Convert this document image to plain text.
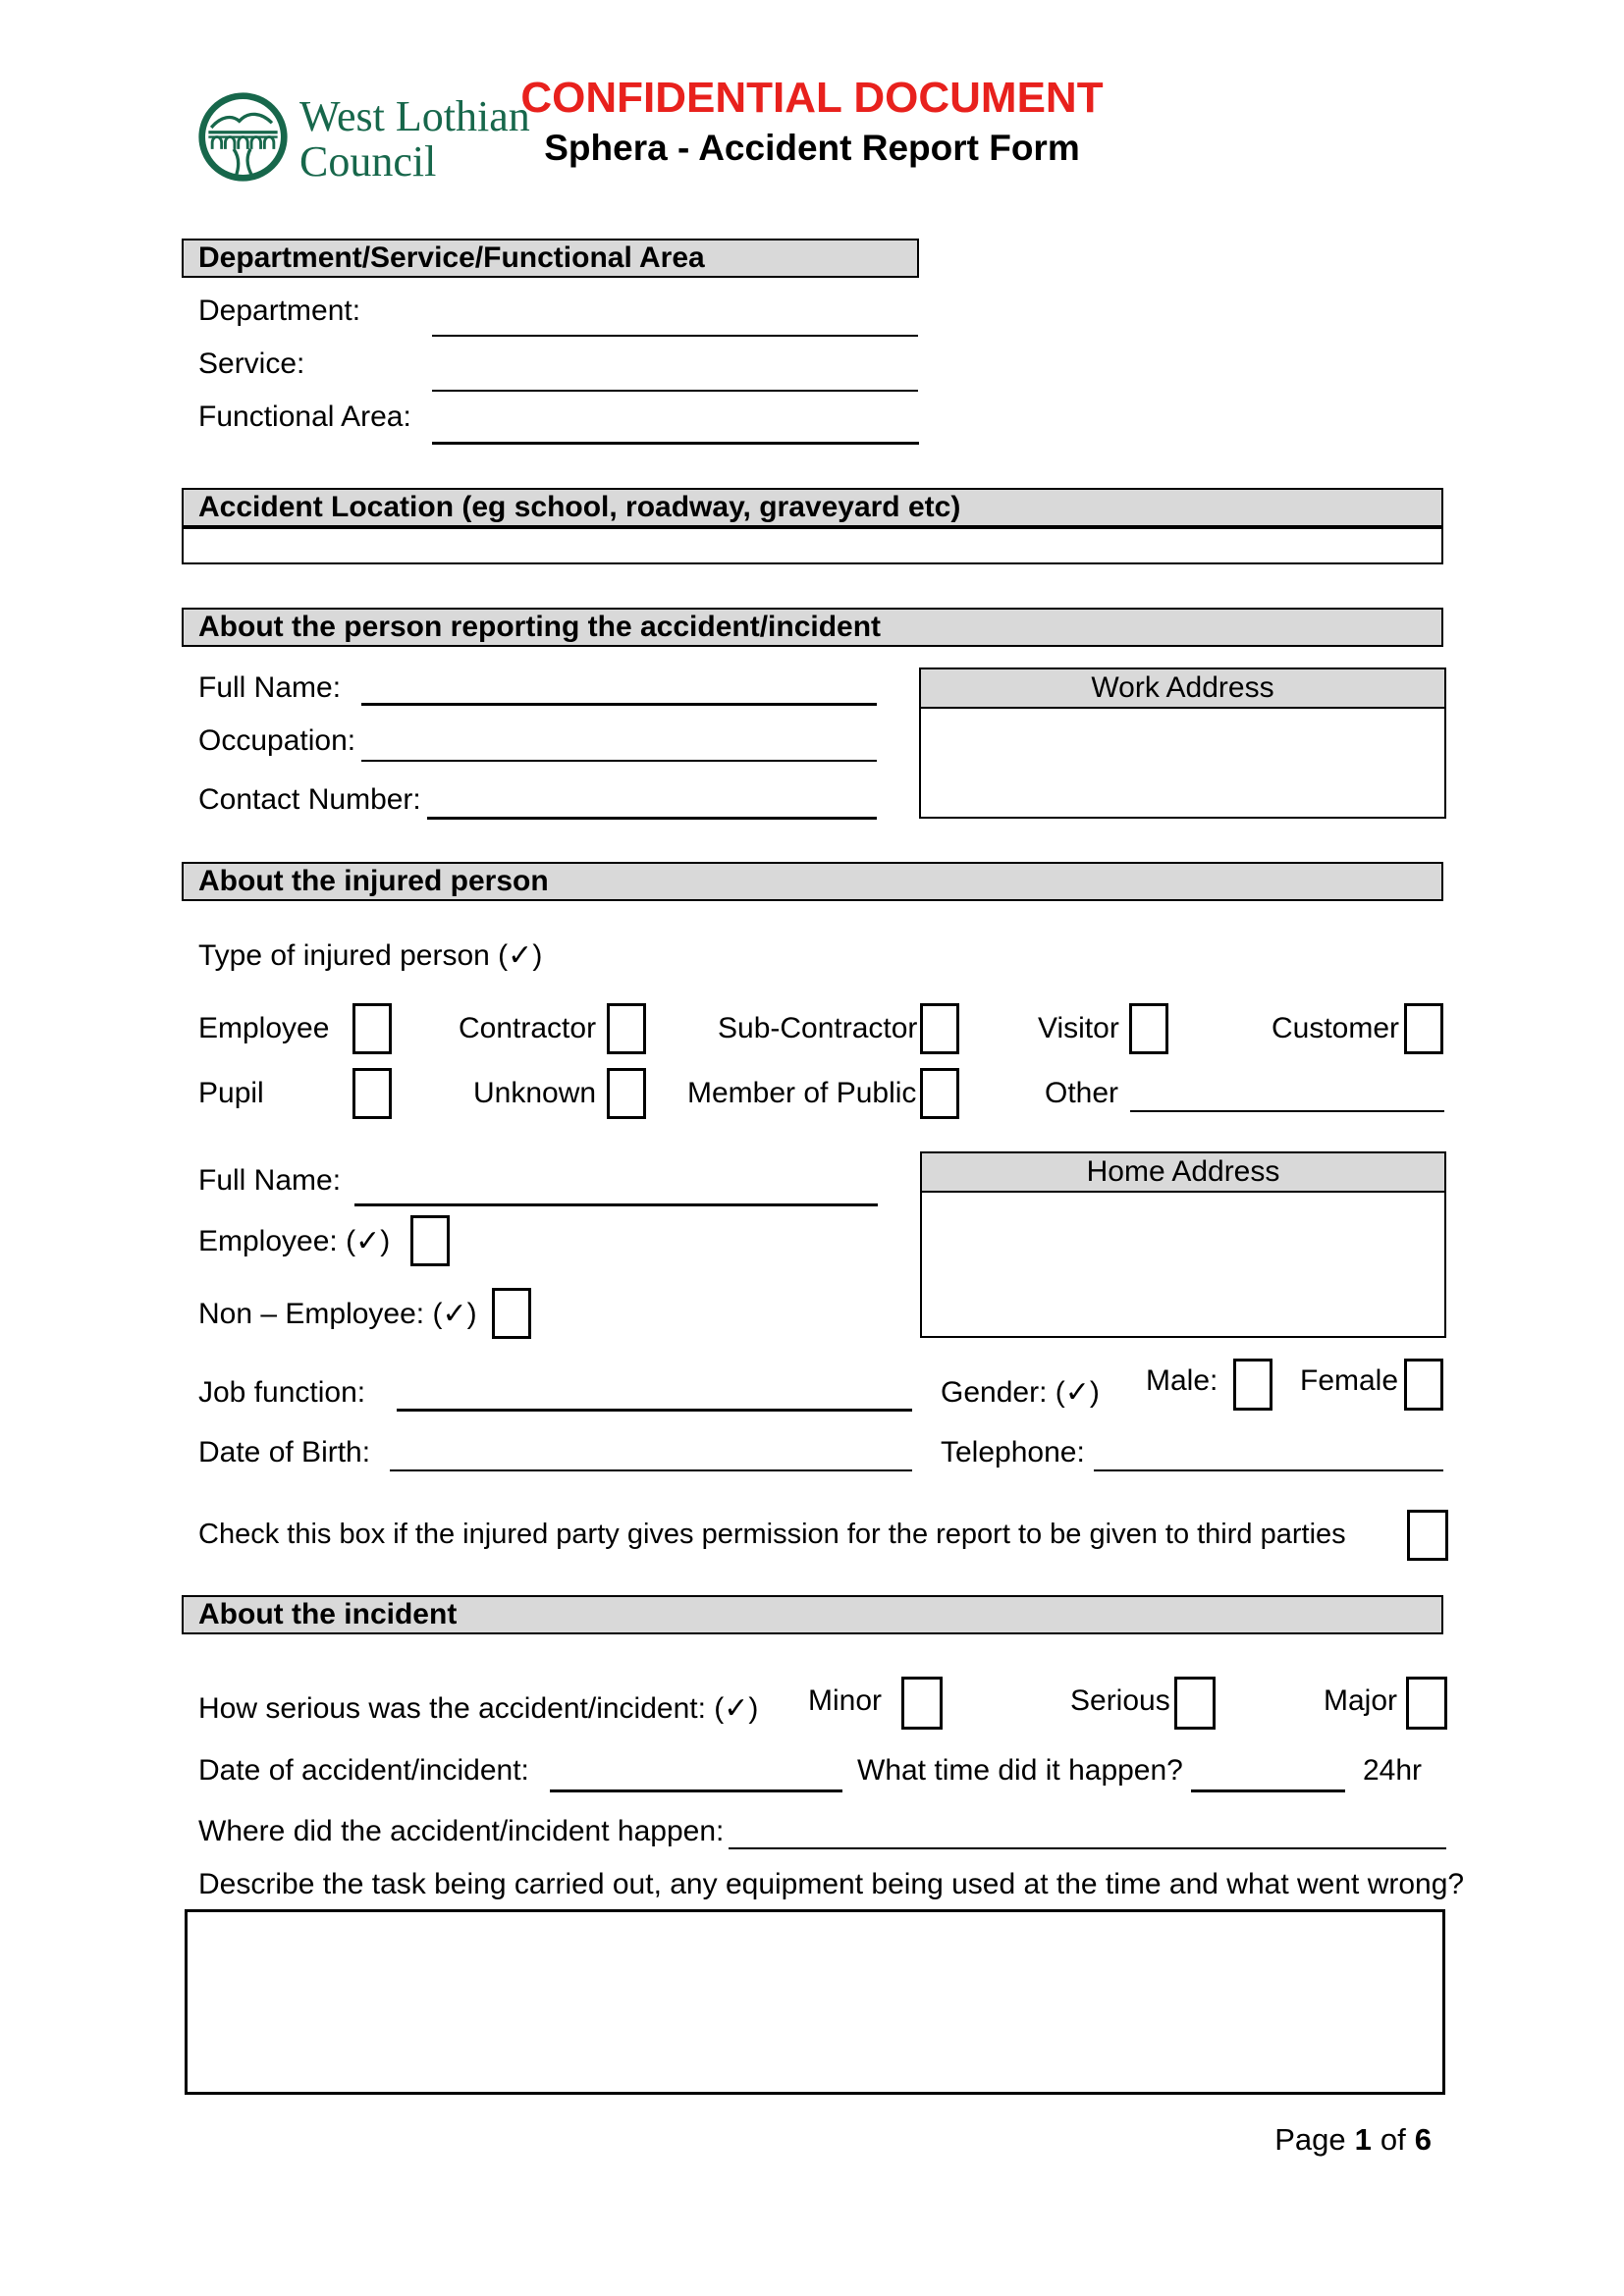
West Lothian
Council
CONFIDENTIAL DOCUMENT
Sphera - Accident Report Form
Department/Service/Functional Area
Department:
Service:
Functional Area:
Accident Location (eg school, roadway, graveyard etc)
About the person reporting the accident/incident
Full Name:
Occupation:
Contact Number:
Work Address
About the injured person
Type of injured person (✓)
Employee	Contractor	Sub-Contractor	Visitor	Customer
Pupil	Unknown	Member of Public	Other
Full Name:	Home Address
Employee: (✓)
Non – Employee: (✓)
Job function:	Gender: (✓) Male:	Female
Date of Birth:	Telephone:
Check this box if the injured party gives permission for the report to be given to third parties
About the incident
How serious was the accident/incident: (✓) Minor	Serious	Major
Date of accident/incident:	What time did it happen?	24hr
Where did the accident/incident happen:
Describe the task being carried out, any equipment being used at the time and what went wrong?
Page 1 of 6
